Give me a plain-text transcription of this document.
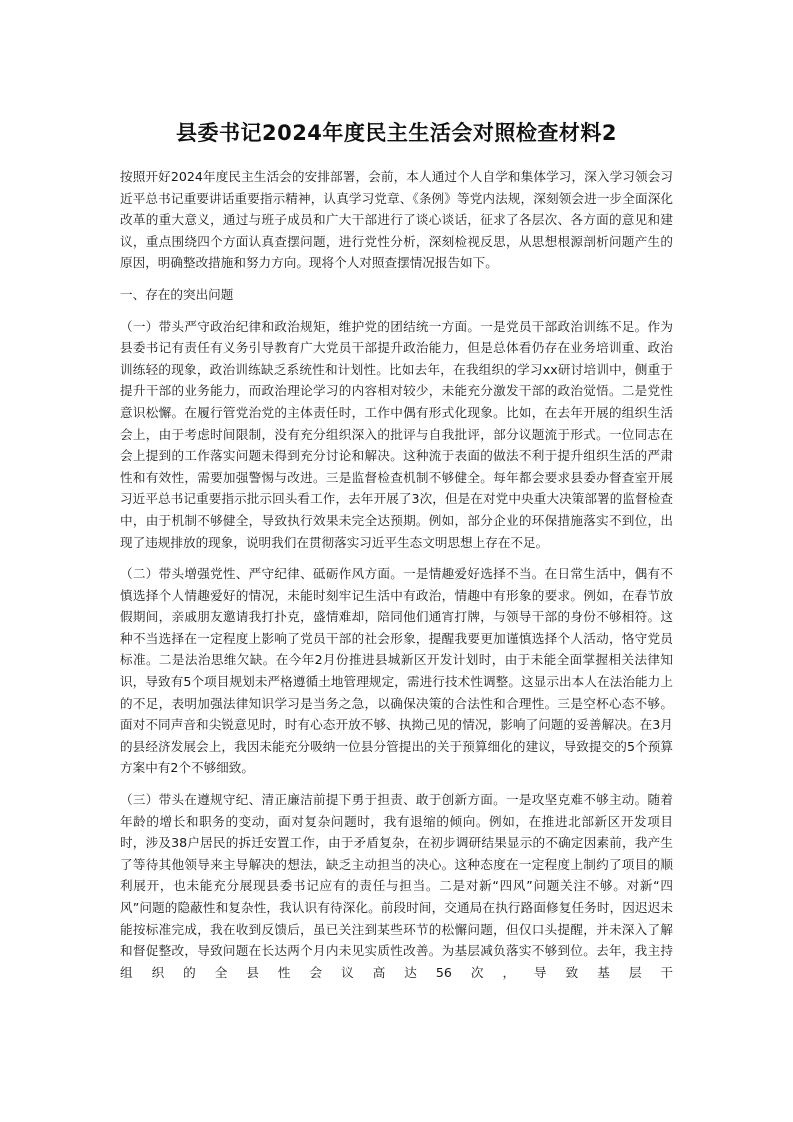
县委书记2024年度民主生活会对照检查材料2

按照开好2024年度民主生活会的安排部署，会前，本人通过个人自学和集体学习，深入学习领会习近平总书记重要讲话重要指示精神，认真学习党章、《条例》等党内法规，深刻领会进一步全面深化改革的重大意义，通过与班子成员和广大干部进行了谈心谈话，征求了各层次、各方面的意见和建议，重点围绕四个方面认真查摆问题，进行党性分析，深刻检视反思，从思想根源剖析问题产生的原因，明确整改措施和努力方向。现将个人对照查摆情况报告如下。

一、存在的突出问题

（一）带头严守政治纪律和政治规矩，维护党的团结统一方面。一是党员干部政治训练不足。作为县委书记有责任有义务引导教育广大党员干部提升政治能力，但是总体看仍存在业务培训重、政治训练轻的现象，政治训练缺乏系统性和计划性。比如去年，在我组织的学习xx研讨培训中，侧重于提升干部的业务能力，而政治理论学习的内容相对较少，未能充分激发干部的政治觉悟。二是党性意识松懈。在履行管党治党的主体责任时，工作中偶有形式化现象。比如，在去年开展的组织生活会上，由于考虑时间限制，没有充分组织深入的批评与自我批评，部分议题流于形式。一位同志在会上提到的工作落实问题未得到充分讨论和解决。这种流于表面的做法不利于提升组织生活的严肃性和有效性，需要加强警惕与改进。三是监督检查机制不够健全。每年都会要求县委办督查室开展习近平总书记重要指示批示回头看工作，去年开展了3次，但是在对党中央重大决策部署的监督检查中，由于机制不够健全，导致执行效果未完全达预期。例如，部分企业的环保措施落实不到位，出现了违规排放的现象，说明我们在贯彻落实习近平生态文明思想上存在不足。

（二）带头增强党性、严守纪律、砥砺作风方面。一是情趣爱好选择不当。在日常生活中，偶有不慎选择个人情趣爱好的情况，未能时刻牢记生活中有政治，情趣中有形象的要求。例如，在春节放假期间，亲戚朋友邀请我打扑克，盛情难却，陪同他们通宵打牌，与领导干部的身份不够相符。这种不当选择在一定程度上影响了党员干部的社会形象，提醒我要更加谨慎选择个人活动，恪守党员标准。二是法治思维欠缺。在今年2月份推进县城新区开发计划时，由于未能全面掌握相关法律知识，导致有5个项目规划未严格遵循土地管理规定，需进行技术性调整。这显示出本人在法治能力上的不足，表明加强法律知识学习是当务之急，以确保决策的合法性和合理性。三是空杯心态不够。面对不同声音和尖锐意见时，时有心态开放不够、执拗己见的情况，影响了问题的妥善解决。在3月的县经济发展会上，我因未能充分吸纳一位县分管提出的关于预算细化的建议，导致提交的5个预算方案中有2个不够细致。

（三）带头在遵规守纪、清正廉洁前提下勇于担责、敢于创新方面。一是攻坚克难不够主动。随着年龄的增长和职务的变动，面对复杂问题时，我有退缩的倾向。例如，在推进北部新区开发项目时，涉及38户居民的拆迁安置工作，由于矛盾复杂，在初步调研结果显示的不确定因素前，我产生了等待其他领导来主导解决的想法，缺乏主动担当的决心。这种态度在一定程度上制约了项目的顺利展开，也未能充分展现县委书记应有的责任与担当。二是对新“四风”问题关注不够。对新“四风”问题的隐蔽性和复杂性，我认识有待深化。前段时间，交通局在执行路面修复任务时，因迟迟未能按标准完成，我在收到反馈后，虽已关注到某些环节的松懈问题，但仅口头提醒，并未深入了解和督促整改，导致问题在长达两个月内未见实质性改善。为基层减负落实不够到位。去年，我主持组织的全县性会议高达56次，导致基层干
